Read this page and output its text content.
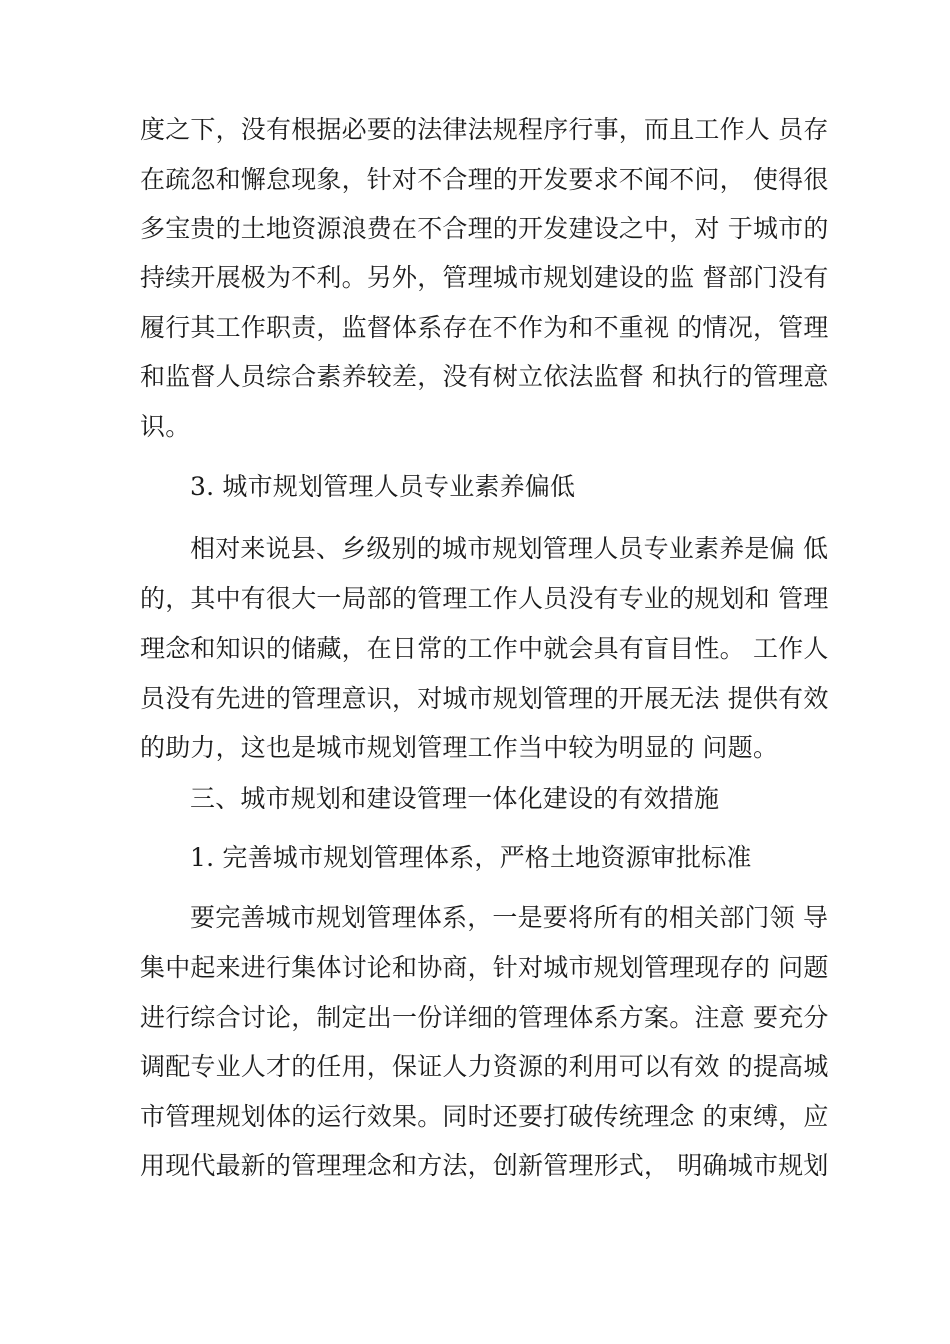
度之下，没有根据必要的法律法规程序行事，而且工作人 员存
在疏忽和懈怠现象，针对不合理的开发要求不闻不问， 使得很
多宝贵的土地资源浪费在不合理的开发建设之中，对 于城市的
持续开展极为不利。另外，管理城市规划建设的监 督部门没有
履行其工作职责，监督体系存在不作为和不重视 的情况，管理
和监督人员综合素养较差，没有树立依法监督 和执行的管理意
识。
3. 城市规划管理人员专业素养偏低
相对来说县、乡级别的城市规划管理人员专业素养是偏 低
的，其中有很大一局部的管理工作人员没有专业的规划和 管理
理念和知识的储藏，在日常的工作中就会具有盲目性。 工作人
员没有先进的管理意识，对城市规划管理的开展无法 提供有效
的助力，这也是城市规划管理工作当中较为明显的 问题。
三、城市规划和建设管理一体化建设的有效措施
1. 完善城市规划管理体系，严格土地资源审批标准
要完善城市规划管理体系，一是要将所有的相关部门领 导
集中起来进行集体讨论和协商，针对城市规划管理现存的 问题
进行综合讨论，制定出一份详细的管理体系方案。注意 要充分
调配专业人才的任用，保证人力资源的利用可以有效 的提高城
市管理规划体的运行效果。同时还要打破传统理念 的束缚，应
用现代最新的管理理念和方法，创新管理形式， 明确城市规划
